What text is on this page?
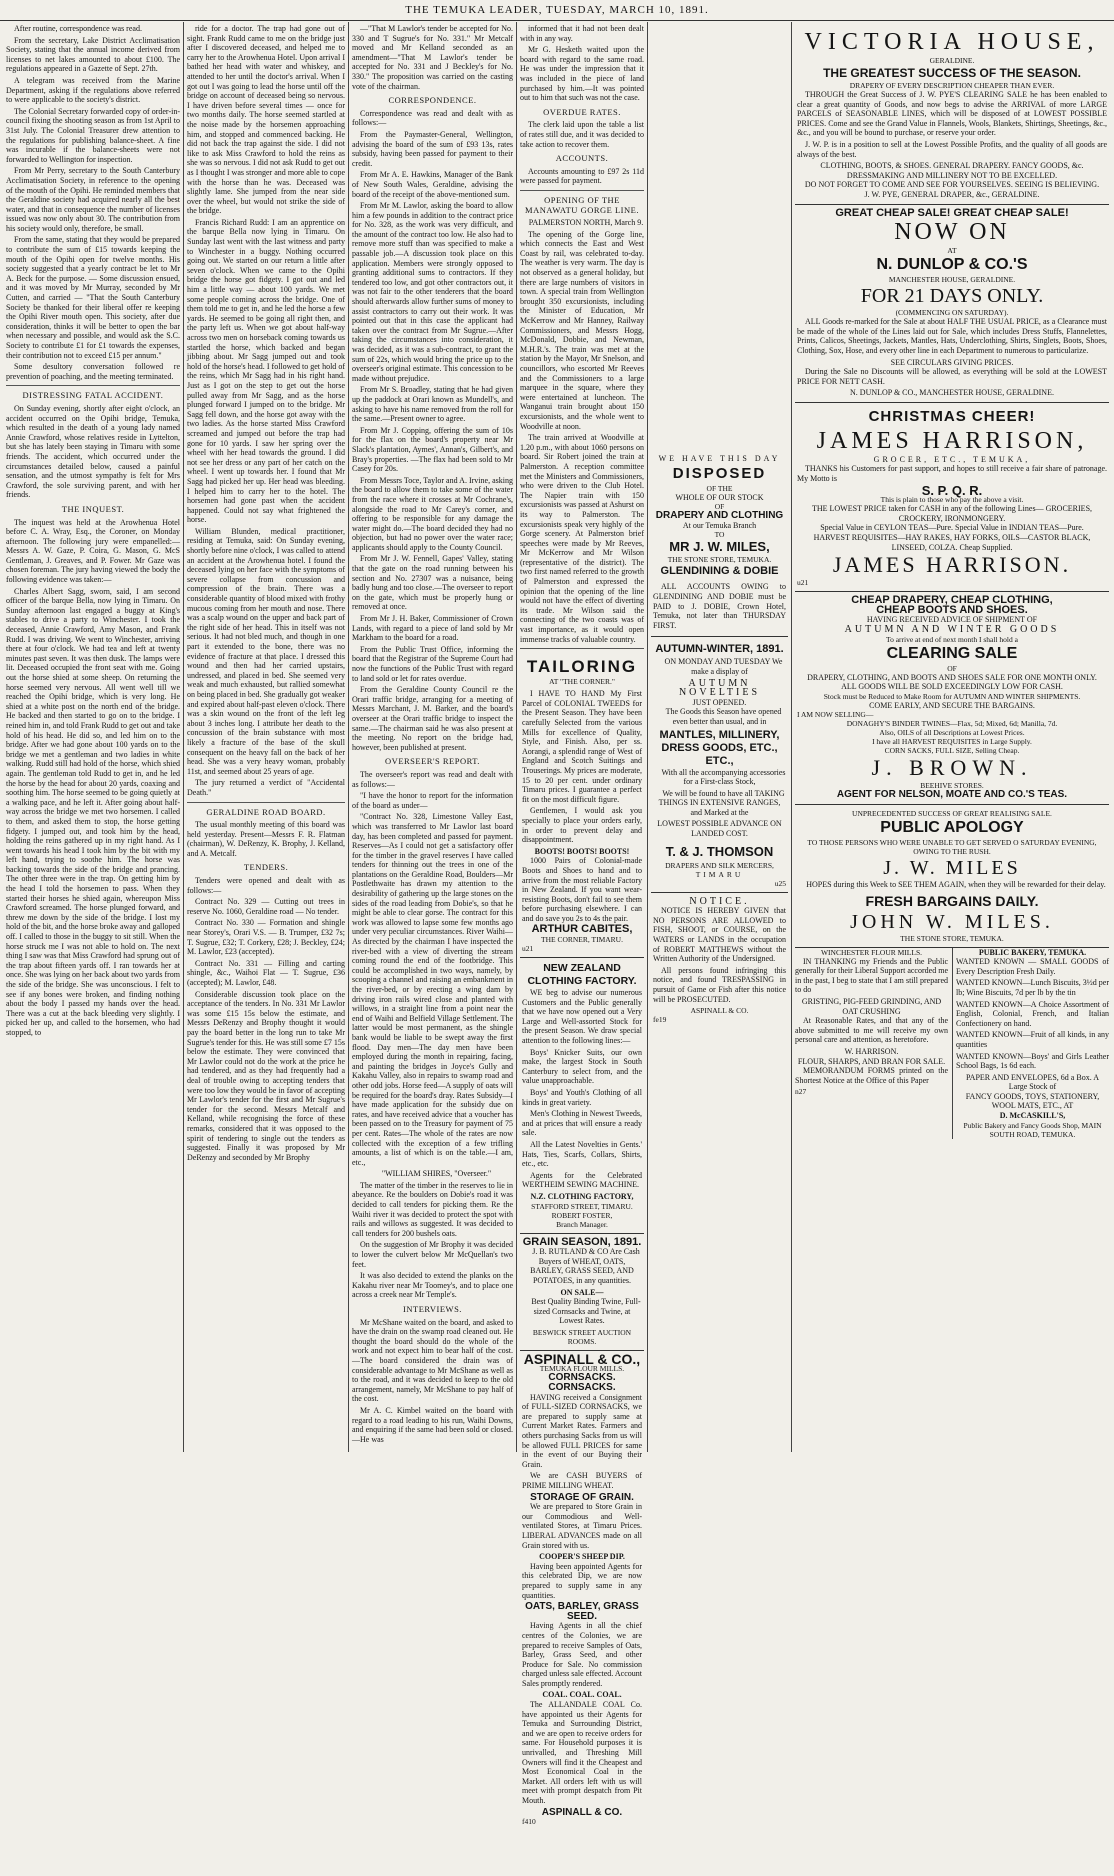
THE TEMUKA LEADER, TUESDAY, MARCH 10, 1891.

After routine, correspondence was read.

From the secretary, Lake District Acclimatisation Society, stating that the annual income derived from licenses to net lakes amounted to about £100. The regulations appeared in a Gazette of Sept. 27th.

A telegram was received from the Marine Department, asking if the regulations above referred to were applicable to the society's district.

The Colonial Secretary forwarded copy of order-in-council fixing the shooting season as from 1st April to 31st July. The Colonial Treasurer drew attention to the regulations for publishing balance-sheet. A fine was incurable if the balance-sheets were not forwarded to Wellington for inspection.

From Mr Perry, secretary to the South Canterbury Acclimatisation Society, in reference to the opening of the mouth of the Opihi. He reminded members that the Geraldine society had acquired nearly all the best water, and that in consequence the number of licenses issued was now only about 30. The contribution from his society would only, therefore, be small.

From the same, stating that they would be prepared to contribute the sum of £15 towards keeping the mouth of the Opihi open for twelve months. His society suggested that a yearly contract be let to Mr A. Beck for the purpose. — Some discussion ensued, and it was moved by Mr Murray, seconded by Mr Cutten, and carried — "That the South Canterbury Society be thanked for their liberal offer re keeping the Opihi River mouth open. This society, after due consideration, thinks it will be better to open the bar when necessary and possible, and would ask the S.C. Society to contribute £1 for £1 towards the expenses, their contribution not to exceed £15 per annum."

Some desultory conversation followed re prevention of poaching, and the meeting terminated.

DISTRESSING FATAL ACCIDENT.

On Sunday evening, shortly after eight o'clock, an accident occurred on the Opihi bridge, Temuka, which resulted in the death of a young lady named Annie Crawford, whose relatives reside in Lyttelton, but she has lately been staying in Timaru with some friends. The accident, which occurred under the circumstances detailed below, caused a painful sensation, and the utmost sympathy is felt for Mrs Crawford, the sole surviving parent, and with her friends.

THE INQUEST.

The inquest was held at the Arowhenua Hotel before C. A. Wray, Esq., the Coroner, on Monday afternoon. The following jury were empanelled:—Messrs A. W. Gaze, P. Coira, G. Mason, G. McS Gentleman, J. Greaves, and P. Fower. Mr Gaze was chosen foreman. The jury having viewed the body the following evidence was taken:—

Charles Albert Sagg, sworn, said, I am second officer of the barque Bella, now lying in Timaru. On Sunday afternoon last engaged a buggy at King's stables to drive a party to Winchester. I took the deceased, Annie Crawford, Amy Mason, and Frank Rudd. I was driving. We went to Winchester, arriving there at four o'clock. We had tea and left at twenty minutes past seven. It was then dusk. The lamps were lit. Deceased occupied the front seat with me. Going out the horse shied at some sheep. On returning the horse seemed very nervous. All went well till we reached the Opihi bridge, which is very long. He shied at a white post on the north end of the bridge. He backed and then started to go on to the bridge. I reined him in, and told Frank Rudd to get out and take hold of his head. He did so, and led him on to the bridge. After we had gone about 100 yards on to the bridge we met a gentleman and two ladies in white walking. Rudd still had hold of the horse, which shied again. The gentleman told Rudd to get in, and he led the horse by the head for about 20 yards, coaxing and soothing him. The horse seemed to be going quietly at a walking pace, and he left it. After going about half-way across the bridge we met two horsemen. I called to them, and asked them to stop, the horse getting fidgety. I jumped out, and took him by the head, holding the reins gathered up in my right hand. As I went towards his head I took him by the bit with my left hand, trying to soothe him. The horse was backing towards the side of the bridge and prancing. The other three were in the trap. On getting him by the head I told the horsemen to pass. When they started their horses he shied again, whereupon Miss Crawford screamed. The horse plunged forward, and threw me down by the side of the bridge. I lost my hold of the bit, and the horse broke away and galloped off. I called to those in the buggy to sit still. When the horse struck me I was not able to hold on. The next thing I saw was that Miss Crawford had sprung out of the trap about fifteen yards off. I ran towards her at once. She was lying on her back about two yards from the side of the bridge. She was unconscious. I felt to see if any bones were broken, and finding nothing about the body I passed my hands over the head. There was a cut at the back bleeding very slightly. I picked her up, and called to the horsemen, who had stopped, to

ride for a doctor. The trap had gone out of sight. Frank Rudd came to me on the bridge just after I discovered deceased, and helped me to carry her to the Arowhenua Hotel. Upon arrival I bathed her head with water and whiskey, and attended to her until the doctor's arrival. When I got out I was going to lead the horse until off the bridge on account of deceased being so nervous. I have driven before several times — once for two months daily. The horse seemed startled at the noise made by the horsemen approaching him, and stopped and commenced backing. He did not back the trap against the side. I did not like to ask Miss Crawford to hold the reins as she was so nervous. I did not ask Rudd to get out as I thought I was stronger and more able to cope with the horse than he was. Deceased was slightly lame. She jumped from the near side over the wheel, but would not strike the side of the bridge.

Francis Richard Rudd: I am an apprentice on the barque Bella now lying in Timaru. On Sunday last went with the last witness and party to Winchester in a buggy. Nothing occurred going out. We started on our return a little after seven o'clock. When we came to the Opihi bridge the horse got fidgety. I got out and led him a little way — about 100 yards. We met some people coming across the bridge. One of them told me to get in, and he led the horse a few yards. He seemed to be going all right then, and the party left us. When we got about half-way across two men on horseback coming towards us startled the horse, which backed and began jibbing about. Mr Sagg jumped out and took hold of the horse's head. I followed to get hold of the reins, which Mr Sagg had in his right hand. Just as I got on the step to get out the horse pulled away from Mr Sagg, and as the horse plunged forward I jumped on to the bridge. Mr Sagg fell down, and the horse got away with the two ladies. As the horse started Miss Crawford screamed and jumped out before the trap had gone for 10 yards. I saw her spring over the wheel with her head towards the ground. I did not see her dress or any part of her catch on the wheel. I went up towards her. I found that Mr Sagg had picked her up. Her head was bleeding. I helped him to carry her to the hotel. The horsemen had gone past when the accident happened. Could not say what frightened the horse.

William Blunden, medical practitioner, residing at Temuka, said: On Sunday evening, shortly before nine o'clock, I was called to attend an accident at the Arowhenua hotel. I found the deceased lying on her face with the symptoms of severe collapse from concussion and compression of the brain. There was a considerable quantity of blood mixed with frothy mucous coming from her mouth and nose. There was a scalp wound on the upper and back part of the right side of her head. This in itself was not serious. It had not bled much, and though in one part it extended to the bone, there was no evidence of fracture at that place. I dressed this wound and then had her carried upstairs, undressed, and placed in bed. She seemed very weak and much exhausted, but rallied somewhat on being placed in bed. She gradually got weaker and expired about half-past eleven o'clock. There was a skin wound on the front of the left leg about 3 inches long. I attribute her death to the concussion of the brain substance with most likely a fracture of the base of the skull consequent on the heavy fall on the back of her head. She was a very heavy woman, probably 11st, and seemed about 25 years of age.

The jury returned a verdict of "Accidental Death."

GERALDINE ROAD BOARD.

The usual monthly meeting of this board was held yesterday. Present—Messrs F. R. Flatman (chairman), W. DeRenzy, K. Brophy, J. Kelland, and A. Metcalf.

TENDERS.

Tenders were opened and dealt with as follows:—

Contract No. 329 — Cutting out trees in reserve No. 1060, Geraldine road — No tender.

Contract No. 330 — Formation and shingle near Storey's, Orari V.S. — B. Trumper, £32 7s; T. Sugrue, £32; T. Corkery, £28; J. Beckley, £24; M. Lawlor, £23 (accepted).

Contract No. 331 — Filling and carting shingle, &c., Waihoi Flat — T. Sugrue, £36 (accepted); M. Lawlor, £48.

Considerable discussion took place on the acceptance of the tenders. In No. 331 Mr Lawlor was some £15 15s below the estimate, and Messrs DeRenzy and Brophy thought it would pay the board better in the long run to take Mr Sugrue's tender for this. He was still some £7 15s below the estimate. They were convinced that Mr Lawlor could not do the work at the price he had tendered, and as they had frequently had a deal of trouble owing to accepting tenders that were too low they would be in favor of accepting Mr Lawlor's tender for the first and Mr Sugrue's tender for the second. Messrs Metcalf and Kelland, while recognising the force of these remarks, considered that it was opposed to the spirit of tendering to single out the tenders as suggested. Finally it was proposed by Mr DeRenzy and seconded by Mr Brophy

—"That M Lawlor's tender be accepted for No. 330 and T Sugrue's for No. 331." Mr Metcalf moved and Mr Kelland seconded as an amendment—"That M Lawlor's tender be accepted for No. 331 and J Beckley's for No. 330." The proposition was carried on the casting vote of the chairman.

CORRESPONDENCE.

Correspondence was read and dealt with as follows:—

From the Paymaster-General, Wellington, advising the board of the sum of £93 13s, rates subsidy, having been passed for payment to their credit.

From Mr A. E. Hawkins, Manager of the Bank of New South Wales, Geraldine, advising the board of the receipt of the above-mentioned sum.

From Mr M. Lawlor, asking the board to allow him a few pounds in addition to the contract price for No. 328, as the work was very difficult, and the amount of the contract too low. He also had to remove more stuff than was specified to make a passable job.—A discussion took place on this application. Members were strongly opposed to granting additional sums to contractors. If they tendered too low, and got other contractors out, it was not fair to the other tenderers that the board should afterwards allow further sums of money to assist contractors to carry out their work. It was pointed out that in this case the applicant had taken over the contract from Mr Sugrue.—After taking the circumstances into consideration, it was decided, as it was a sub-contract, to grant the sum of 22s, which would bring the price up to the overseer's original estimate. This concession to be made without prejudice.

From Mr S. Broadley, stating that he had given up the paddock at Orari known as Mundell's, and asking to have his name removed from the roll for the same.—Present owner to agree.

From Mr J. Copping, offering the sum of 10s for the flax on the board's property near Mr Slack's plantation, Aymes', Annan's, Gilbert's, and Bray's properties. —The flax had been sold to Mr Casey for 20s.

From Messrs Toce, Taylor and A. Irvine, asking the board to allow them to take some of the water from the race where it crosses at Mr Cochrane's, alongside the road to Mr Carey's corner, and offering to be responsible for any damage the water might do.—The board decided they had no objection, but had no power over the water race; applicants should apply to the County Council.

From Mr J. W. Fennell, Gapes' Valley, stating that the gate on the road running between his section and No. 27307 was a nuisance, being badly hung and too close.—The overseer to report on the gate, which must be properly hung or removed at once.

From Mr J. H. Baker, Commissioner of Crown Lands, with regard to a piece of land sold by Mr Markham to the board for a road.

From the Public Trust Office, informing the board that the Registrar of the Supreme Court had now the functions of the Public Trust with regard to land sold or let for rates overdue.

From the Geraldine County Council re the Orari traffic bridge, arranging for a meeting of Messrs Marchant, J. M. Barker, and the board's overseer at the Orari traffic bridge to inspect the same.—The chairman said he was also present at the meeting. No report on the bridge had, however, been published at present.

OVERSEER'S REPORT.

The overseer's report was read and dealt with as follows:—

"I have the honor to report for the information of the board as under—

"Contract No. 328, Limestone Valley East, which was transferred to Mr Lawlor last board day, has been completed and passed for payment. Reserves—As I could not get a satisfactory offer for the timber in the gravel reserves I have called tenders for thinning out the trees in one of the plantations on the Geraldine Road, Boulders—Mr Postlethwaite has drawn my attention to the desirability of gathering up the large stones on the sides of the road leading from Dobie's, so that he might be able to clear gorse. The contract for this work was allowed to lapse some few months ago under very peculiar circumstances. River Waihi—As directed by the chairman I have inspected the river-bed with a view of diverting the stream coming round the end of the footbridge. This could be accomplished in two ways, namely, by scooping a channel and raising an embankment in the river-bed, or by erecting a wing dam by driving iron rails wired close and planted with willows, in a straight line from a point near the end of Waihi and Belfield Village Settlement. The latter would be most permanent, as the shingle bank would be liable to be swept away the first flood. Day men—The day men have been employed during the month in repairing, facing, and painting the bridges in Joyce's Gully and Kakahu Valley, also in repairs to swamp road and other odd jobs. Horse feed—A supply of oats will be required for the board's dray. Rates Subsidy—I have made application for the subsidy due on rates, and have received advice that a voucher has been passed on to the Treasury for payment of 75 per cent. Rates—The whole of the rates are now collected with the exception of a few trifling amounts, a list of which is on the table.—I am, etc.,

"WILLIAM SHIRES, "Overseer."

The matter of the timber in the reserves to lie in abeyance. Re the boulders on Dobie's road it was decided to call tenders for picking them. Re the Waihi river it was decided to protect the spot with rails and willows as suggested. It was decided to call tenders for 200 bushels oats.

On the suggestion of Mr Brophy it was decided to lower the culvert below Mr McQuellan's two feet.

It was also decided to extend the planks on the Kakahu river near Mr Toomey's, and to place one across a creek near Mr Temple's.

INTERVIEWS.

Mr McShane waited on the board, and asked to have the drain on the swamp road cleaned out. He thought the board should do the whole of the work and not expect him to bear half of the cost.—The board considered the drain was of considerable advantage to Mr McShane as well as to the road, and it was decided to keep to the old arrangement, namely, Mr McShane to pay half of the cost.

Mr A. C. Kimbel waited on the board with regard to a road leading to his run, Waihi Downs, and enquiring if the same had been sold or closed.—He was

informed that it had not been dealt with in any way.

Mr G. Hesketh waited upon the board with regard to the same road. He was under the impression that it was included in the piece of land purchased by him.—It was pointed out to him that such was not the case.

OVERDUE RATES.

The clerk laid upon the table a list of rates still due, and it was decided to take action to recover them.

ACCOUNTS.

Accounts amounting to £97 2s 11d were passed for payment.

OPENING OF THE MANAWATU GORGE LINE.

PALMERSTON NORTH, March 9.

The opening of the Gorge line, which connects the East and West Coast by rail, was celebrated to-day. The weather is very warm. The day is not observed as a general holiday, but there are large numbers of visitors in town. A special train from Wellington brought 350 excursionists, including the Minister of Education, Mr McKerrow and Mr Hanney, Railway Commissioners, and Messrs Hogg, McDonald, Dobbie, and Newman, M.H.R.'s. The train was met at the station by the Mayor, Mr Snelson, and councillors, who escorted Mr Reeves and the Commissioners to a large marquee in the square, where they were entertained at luncheon. The Wanganui train brought about 150 excursionists, and the whole went to Woodville at noon.

The train arrived at Woodville at 1.20 p.m., with about 1060 persons on board. Sir Robert joined the train at Palmerston. A reception committee met the Ministers and Commissioners, who were driven to the Club Hotel. The Napier train with 150 excursionists was passed at Ashurst on its way to Palmerston. The excursionists speak very highly of the Gorge scenery. At Palmerston brief speeches were made by Mr Reeves, Mr McKerrow and Mr Wilson (representative of the district). The two first named referred to the growth of Palmerston and expressed the opinion that the opening of the line would not have the effect of diverting its trade. Mr Wilson said the connecting of the two coasts was of vast importance, as it would open immense tracks of valuable country.

TAILORING
AT "THE CORNER."

I HAVE TO HAND My First Parcel of COLONIAL TWEEDS for the Present Season. They have been carefully Selected from the various Mills for excellence of Quality, Style, and Finish. Also, per ss. Aorangi, a splendid range of West of England and Scotch Suitings and Trouserings. My prices are moderate, 15 to 20 per cent. under ordinary Timaru prices. I guarantee a perfect fit on the most difficult figure.

Gentlemen, I would ask you specially to place your orders early, in order to prevent delay and disappointment.

BOOTS! BOOTS! BOOTS!

1000 Pairs of Colonial-made Boots and Shoes to hand and to arrive from the most reliable Factory in New Zealand. If you want wear-resisting Boots, don't fail to see them before purchasing elsewhere. I can and do save you 2s to 4s the pair.

ARTHUR CABITES,
THE CORNER, TIMARU.
u21
NEW ZEALAND CLOTHING FACTORY.

WE beg to advise our numerous Customers and the Public generally that we have now opened out a Very Large and Well-assorted Stock for the present Season. We draw special attention to the following lines:—

Boys' Knicker Suits, our own make, the largest Stock in South Canterbury to select from, and the value unapproachable.

Boys' and Youth's Clothing of all kinds in great variety.

Men's Clothing in Newest Tweeds, and at prices that will ensure a ready sale.

All the Latest Novelties in Gents.' Hats, Ties, Scarfs, Collars, Shirts, etc., etc.

Agents for the Celebrated WERTHEIM SEWING MACHINE.

N.Z. CLOTHING FACTORY,
STAFFORD STREET, TIMARU.
ROBERT FOSTER,
Branch Manager.
GRAIN SEASON, 1891.

J. B. RUTLAND & CO Are Cash Buyers of WHEAT, OATS, BARLEY, GRASS SEED, AND POTATOES, in any quantities.

ON SALE—

Best Quality Binding Twine, Full-sized Cornsacks and Twine, at Lowest Rates.

BESWICK STREET AUCTION ROOMS.
ASPINALL & CO.,
TEMUKA FLOUR MILLS.
CORNSACKS. CORNSACKS.

HAVING received a Consignment of FULL-SIZED CORNSACKS, we are prepared to supply same at Current Market Rates. Farmers and others purchasing Sacks from us will be allowed FULL PRICES for same in the event of our Buying their Grain.

We are CASH BUYERS of PRIME MILLING WHEAT.

STORAGE OF GRAIN.

We are prepared to Store Grain in our Commodious and Well-ventilated Stores, at Timaru Prices. LIBERAL ADVANCES made on all Grain stored with us.

COOPER'S SHEEP DIP.

Having been appointed Agents for this celebrated Dip, we are now prepared to supply same in any quantities.

OATS, BARLEY, GRASS SEED.

Having Agents in all the chief centres of the Colonies, we are prepared to receive Samples of Oats, Barley, Grass Seed, and other Produce for Sale. No commission charged unless sale effected. Account Sales promptly rendered.

COAL. COAL. COAL.

The ALLANDALE COAL Co. have appointed us their Agents for Temuka and Surrounding District, and we are open to receive orders for same. For Household purposes it is unrivalled, and Threshing Mill Owners will find it the Cheapest and Most Economical Coal in the Market. All orders left with us will meet with prompt despatch from Pit Mouth.

ASPINALL & CO.
f410
WE HAVE THIS DAY
DISPOSED
OF THE
WHOLE OF OUR STOCK
OF
DRAPERY AND CLOTHING
At our Temuka Branch
TO
MR J. W. MILES,
THE STONE STORE, TEMUKA.
GLENDINING & DOBIE

ALL ACCOUNTS OWING to GLENDINING AND DOBIE must be PAID to J. DOBIE, Crown Hotel, Temuka, not later than THURSDAY FIRST.

AUTUMN-WINTER, 1891.

ON MONDAY AND TUESDAY We make a display of

AUTUMN NOVELTIES
JUST OPENED.

The Goods this Season have opened even better than usual, and in

MANTLES, MILLINERY, DRESS GOODS, ETC., ETC.,

With all the accompanying accessories for a First-class Stock,

We will be found to have all TAKING THINGS IN EXTENSIVE RANGES, and Marked at the

LOWEST POSSIBLE ADVANCE ON LANDED COST.
T. & J. THOMSON
DRAPERS AND SILK MERCERS,
TIMARU
u25
NOTICE.

NOTICE IS HEREBY GIVEN that NO PERSONS ARE ALLOWED to FISH, SHOOT, or COURSE, on the WATERS or LANDS in the occupation of ROBERT MATTHEWS without the Written Authority of the Undersigned.

All persons found infringing this notice, and found TRESPASSING in pursuit of Game or Fish after this notice will be PROSECUTED.

ASPINALL & CO.
fe19
VICTORIA HOUSE,
GERALDINE.
THE GREATEST SUCCESS OF THE SEASON.
DRAPERY OF EVERY DESCRIPTION CHEAPER THAN EVER.

THROUGH the Great Success of J. W. PYE'S CLEARING SALE he has been enabled to clear a great quantity of Goods, and now begs to advise the ARRIVAL of more LARGE PARCELS of SEASONABLE LINES, which will be disposed of at LOWEST POSSIBLE PRICES. Come and see the Grand Value in Flannels, Wools, Blankets, Shirtings, Sheetings, &c., &c., and you will be bound to purchase, or reserve your order.

J. W. P. is in a position to sell at the Lowest Possible Profits, and the quality of all goods are always of the best.

CLOTHING, BOOTS, & SHOES. GENERAL DRAPERY. FANCY GOODS, &c.
DRESSMAKING AND MILLINERY NOT TO BE EXCELLED.
DO NOT FORGET TO COME AND SEE FOR YOURSELVES. SEEING IS BELIEVING.
J. W. PYE, GENERAL DRAPER, &c., GERALDINE.
GREAT CHEAP SALE! GREAT CHEAP SALE!
NOW ON
AT
N. DUNLOP & CO.'S
MANCHESTER HOUSE, GERALDINE.
FOR 21 DAYS ONLY.
(COMMENCING ON SATURDAY).

ALL Goods re-marked for the Sale at about HALF THE USUAL PRICE, as a Clearance must be made of the whole of the Lines laid out for Sale, which includes Dress Stuffs, Flannelettes, Prints, Calicos, Sheetings, Jackets, Mantles, Hats, Underclothing, Shirts, Singlets, Boots, Shoes, Clothing, Sox, Hose, and every other line in each Department to numerous to particularize.

SEE CIRCULARS GIVING PRICES.

During the Sale no Discounts will be allowed, as everything will be sold at the LOWEST PRICE FOR NETT CASH.

N. DUNLOP & CO., MANCHESTER HOUSE, GERALDINE.
CHRISTMAS CHEER!
JAMES HARRISON,
GROCER, ETC., TEMUKA,

THANKS his Customers for past support, and hopes to still receive a fair share of patronage. My Motto is

S. P. Q. R.
This is plain to those who pay the above a visit.
THE LOWEST PRICE taken for CASH in any of the following Lines— GROCERIES, CROCKERY, IRONMONGERY.
Special Value in CEYLON TEAS—Pure. Special Value in INDIAN TEAS—Pure.
HARVEST REQUISITES—HAY RAKES, HAY FORKS, OILS—CASTOR BLACK, LINSEED, COLZA. Cheap Supplied.
JAMES HARRISON.
u21
CHEAP DRAPERY, CHEAP CLOTHING,
CHEAP BOOTS AND SHOES.
HAVING RECEIVED ADVICE OF SHIPMENT OF
AUTUMN AND WINTER GOODS
To arrive at end of next month I shall hold a
CLEARING SALE
OF
DRAPERY, CLOTHING, AND BOOTS AND SHOES SALE FOR ONE MONTH ONLY.
ALL GOODS WILL BE SOLD EXCEEDINGLY LOW FOR CASH.
Stock must be Reduced to Make Room for AUTUMN AND WINTER SHIPMENTS.
COME EARLY, AND SECURE THE BARGAINS.
I AM NOW SELLING—
DONAGHY'S BINDER TWINES—Flax, 5d; Mixed, 6d; Manilla, 7d.
Also, OILS of all Descriptions at Lowest Prices.
I have all HARVEST REQUISITES in Large Supply.
CORN SACKS, FULL SIZE, Selling Cheap.
J. BROWN.
BEEHIVE STORES.
AGENT FOR NELSON, MOATE AND CO.'S TEAS.
UNPRECEDENTED SUCCESS OF GREAT REALISING SALE.
PUBLIC APOLOGY
TO THOSE PERSONS WHO WERE UNABLE TO GET SERVED O SATURDAY EVENING, OWING TO THE RUSH.
J. W. MILES

HOPES during this Week to SEE THEM AGAIN, when they will be rewarded for their delay.

FRESH BARGAINS DAILY.
JOHN W. MILES.
THE STONE STORE, TEMUKA.
WINCHESTER FLOUR MILLS.

IN THANKING my Friends and the Public generally for their Liberal Support accorded me in the past, I beg to state that I am still prepared to do

GRISTING, PIG-FEED GRINDING, AND OAT CRUSHING

At Reasonable Rates, and that any of the above submitted to me will receive my own personal care and attention, as heretofore.

W. HARRISON.
FLOUR, SHARPS, AND BRAN FOR SALE.

MEMORANDUM FORMS printed on the Shortest Notice at the Office of this Paper

n27
PUBLIC BAKERY, TEMUKA.

WANTED KNOWN — SMALL GOODS of Every Description Fresh Daily.

WANTED KNOWN—Lunch Biscuits, 3½d per lb; Wine Biscuits, 7d per lb by the tin

WANTED KNOWN—A Choice Assortment of English, Colonial, French, and Italian Confectionery on hand.

WANTED KNOWN—Fruit of all kinds, in any quantities

WANTED KNOWN—Boys' and Girls Leather School Bags, 1s 6d each.

PAPER AND ENVELOPES, 6d a Box. A Large Stock of
FANCY GOODS, TOYS, STATIONERY, WOOL MATS, ETC., AT
D. McCASKILL'S,
Public Bakery and Fancy Goods Shop, MAIN SOUTH ROAD, TEMUKA.
